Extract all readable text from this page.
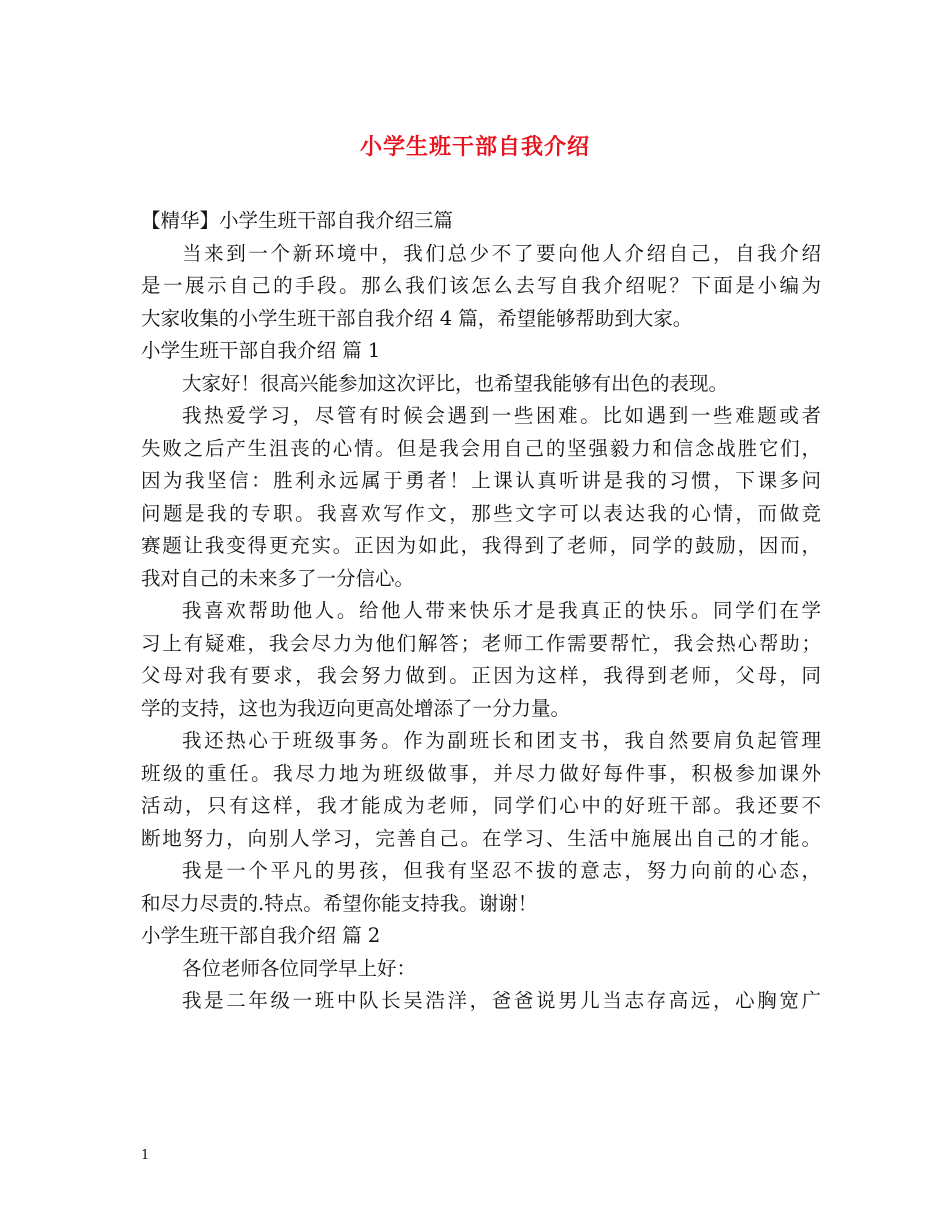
小学生班干部自我介绍

【精华】小学生班干部自我介绍三篇

当来到一个新环境中，我们总少不了要向他人介绍自己，自我介绍

是一展示自己的手段。那么我们该怎么去写自我介绍呢？下面是小编为

大家收集的小学生班干部自我介绍 4 篇，希望能够帮助到大家。

小学生班干部自我介绍 篇 1

大家好！很高兴能参加这次评比，也希望我能够有出色的表现。

我热爱学习，尽管有时候会遇到一些困难。比如遇到一些难题或者

失败之后产生沮丧的心情。但是我会用自己的坚强毅力和信念战胜它们，

因为我坚信：胜利永远属于勇者！上课认真听讲是我的习惯，下课多问

问题是我的专职。我喜欢写作文，那些文字可以表达我的心情，而做竞

赛题让我变得更充实。正因为如此，我得到了老师，同学的鼓励，因而，

我对自己的未来多了一分信心。

我喜欢帮助他人。给他人带来快乐才是我真正的快乐。同学们在学

习上有疑难，我会尽力为他们解答；老师工作需要帮忙，我会热心帮助；

父母对我有要求，我会努力做到。正因为这样，我得到老师，父母，同

学的支持，这也为我迈向更高处增添了一分力量。

我还热心于班级事务。作为副班长和团支书，我自然要肩负起管理

班级的重任。我尽力地为班级做事，并尽力做好每件事，积极参加课外

活动，只有这样，我才能成为老师，同学们心中的好班干部。我还要不

断地努力，向别人学习，完善自己。在学习、生活中施展出自己的才能。

我是一个平凡的男孩，但我有坚忍不拔的意志，努力向前的心态，

和尽力尽责的.特点。希望你能支持我。谢谢！

小学生班干部自我介绍 篇 2

各位老师各位同学早上好：

我是二年级一班中队长吴浩洋，爸爸说男儿当志存高远，心胸宽广

1
